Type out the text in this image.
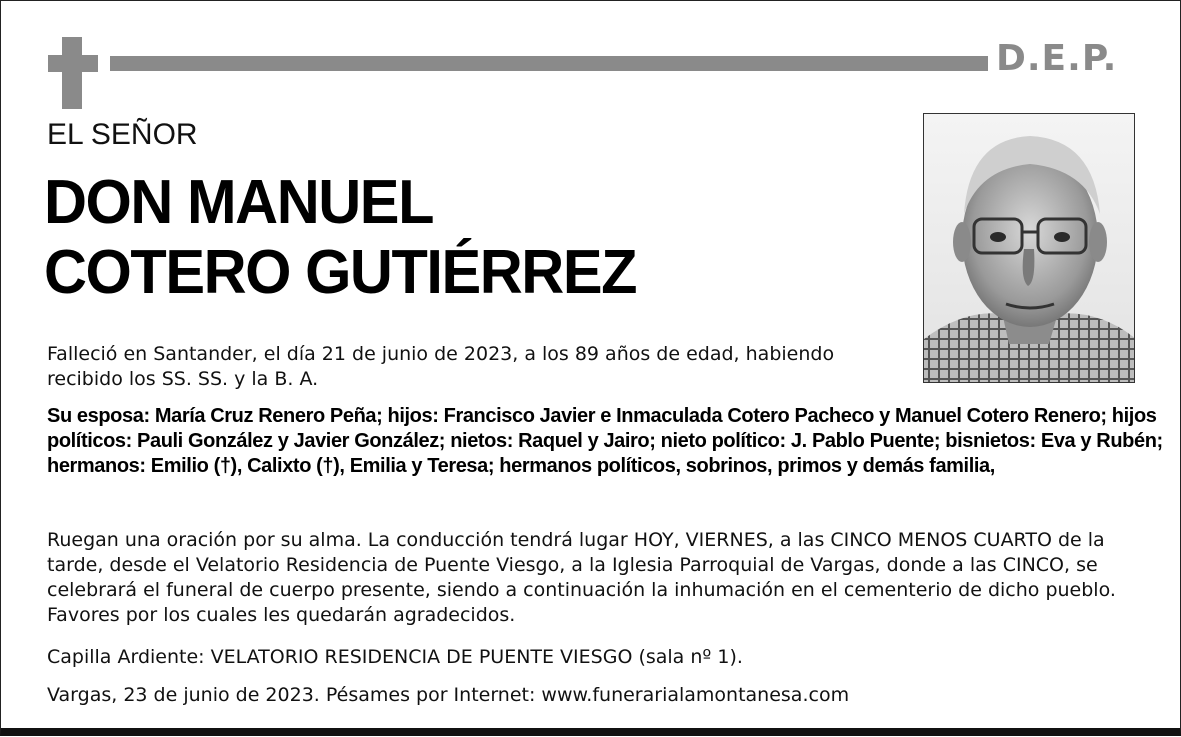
D.E.P.
EL SEÑOR
DON MANUEL
COTERO GUTIÉRREZ
Falleció en Santander, el día 21 de junio de 2023, a los 89 años de edad, habiendo recibido los SS. SS. y la B. A.
Su esposa: María Cruz Renero Peña; hijos: Francisco Javier e Inmaculada Cotero Pacheco y Manuel Cotero Renero; hijos políticos: Pauli González y Javier González; nietos: Raquel y Jairo; nieto político: J. Pablo Puente; bisnietos: Eva y Rubén; hermanos: Emilio (†), Calixto (†), Emilia y Teresa; hermanos políticos, sobrinos, primos y demás familia,
Ruegan una oración por su alma. La conducción tendrá lugar HOY, VIERNES, a las CINCO MENOS CUARTO de la tarde, desde el Velatorio Residencia de Puente Viesgo, a la Iglesia Parroquial de Vargas, donde a las CINCO, se celebrará el funeral de cuerpo presente, siendo a continuación la inhumación en el cementerio de dicho pueblo. Favores por los cuales les quedarán agradecidos.
Capilla Ardiente: VELATORIO RESIDENCIA DE PUENTE VIESGO (sala nº 1).
Vargas, 23 de junio de 2023. Pésames por Internet: www.funerarialamontanesa.com
